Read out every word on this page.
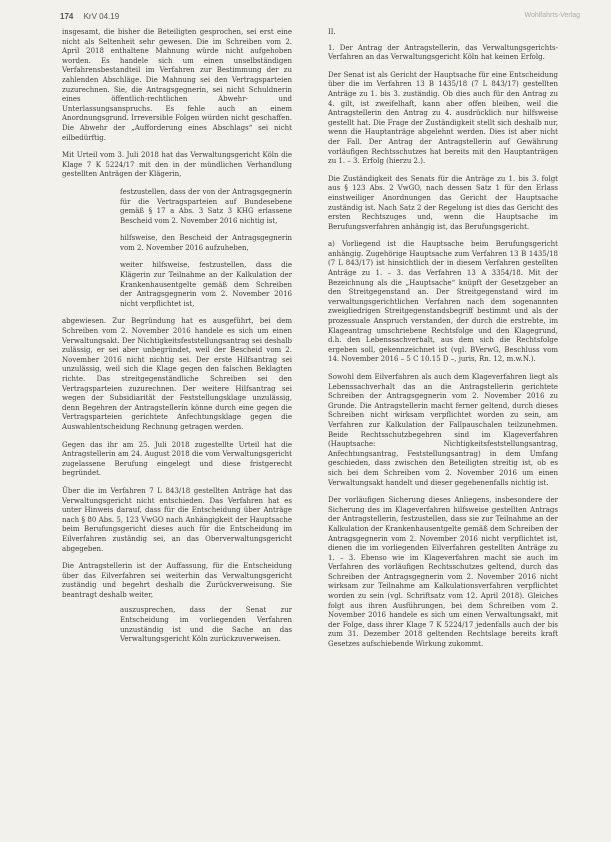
174 KrV 04.19	Wohlfahrts-Verlag

insgesamt, die bisher die Beteiligten gesprochen, sei erst eine nicht als Seltenheit sehr gewesen. Die im Schreiben vom 2. April 2018 enthaltene Mahnung würde nicht aufgehoben worden. Es handele sich um einen unselbständigen Verfahrensbestandteil im Verfahren zur Bestimmung der zu zahlenden Abschläge. Die Mahnung sei den Vertragsparteien zuzurechnen. Sie, die Antragsgegnerin, sei nicht Schuldnerin eines öffentlich-rechtlichen Abwehr- und Unterlassungsanspruchs. Es fehle auch an einem Anordnungsgrund. Irreversible Folgen würden nicht geschaffen. Die Abwehr der „Aufforderung eines Abschlags“ sei nicht eilbedürftig.

Mit Urteil vom 3. Juli 2018 hat das Verwaltungsgericht Köln die Klage 7 K 5224/17 mit den in der mündlichen Verhandlung gestellten Anträgen der Klägerin,

festzustellen, dass der von der Antragsgegnerin für die Vertragsparteien auf Bundesebene gemäß § 17 a Abs. 3 Satz 3 KHG erlassene Bescheid vom 2. November 2016 nichtig ist,

hilfsweise, den Bescheid der Antragsgegnerin vom 2. November 2016 aufzuheben,

weiter hilfsweise, festzustellen, dass die Klägerin zur Teilnahme an der Kalkulation der Krankenhausentgelte gemäß dem Schreiben der Antragsgegnerin vom 2. November 2016 nicht verpflichtet ist,

abgewiesen. Zur Begründung hat es ausgeführt, bei dem Schreiben vom 2. November 2016 handele es sich um einen Verwaltungsakt. Der Nichtigkeitsfeststellungsantrag sei deshalb zulässig, er sei aber unbegründet, weil der Bescheid vom 2. November 2016 nicht nichtig sei. Der erste Hilfsantrag sei unzulässig, weil sich die Klage gegen den falschen Beklagten richte. Das streitgegenständliche Schreiben sei den Vertragsparteien zuzurechnen. Der weitere Hilfsantrag sei wegen der Subsidiarität der Feststellungsklage unzulässig, denn Begehren der Antragstellerin könne durch eine gegen die Vertragsparteien gerichtete Anfechtungsklage gegen die Auswahlentscheidung Rechnung getragen werden.

Gegen das ihr am 25. Juli 2018 zugestellte Urteil hat die Antragstellerin am 24. August 2018 die vom Verwaltungsgericht zugelassene Berufung eingelegt und diese fristgerecht begründet.

Über die im Verfahren 7 L 843/18 gestellten Anträge hat das Verwaltungsgericht nicht entschieden. Das Verfahren hat es unter Hinweis darauf, dass für die Entscheidung über Anträge nach § 80 Abs. 5, 123 VwGO nach Anhängigkeit der Hauptsache beim Berufungsgericht dieses auch für die Entscheidung im Eilverfahren zuständig sei, an das Oberverwaltungsgericht abgegeben.

Die Antragstellerin ist der Auffassung, für die Entscheidung über das Eilverfahren sei weiterhin das Verwaltungsgericht zuständig und begehrt deshalb die Zurückverweisung. Sie beantragt deshalb weiter,

auszusprechen, dass der Senat zur Entscheidung im vorliegenden Verfahren unzuständig ist und die Sache an das Verwaltungsgericht Köln zurückzuverweisen.

II.

1. Der Antrag der Antragstellerin, das Verwaltungsgerichts-Verfahren an das Verwaltungsgericht Köln hat keinen Erfolg.

Der Senat ist als Gericht der Hauptsache für eine Entscheidung über die im Verfahren 13 B 1435/18 (7 L 843/17) gestellten Anträge zu 1. bis 3. zuständig. Ob dies auch für den Antrag zu 4. gilt, ist zweifelhaft, kann aber offen bleiben, weil die Antragstellerin den Antrag zu 4. ausdrücklich nur hilfsweise gestellt hat. Die Frage der Zuständigkeit stellt sich deshalb nur, wenn die Hauptanträge abgelehnt werden. Dies ist aber nicht der Fall. Der Antrag der Antragstellerin auf Gewährung vorläufigen Rechtsschutzes hat bereits mit den Hauptanträgen zu 1. – 3. Erfolg (hierzu 2.).

Die Zuständigkeit des Senats für die Anträge zu 1. bis 3. folgt aus § 123 Abs. 2 VwGO, nach dessen Satz 1 für den Erlass einstweiliger Anordnungen das Gericht der Hauptsache zuständig ist. Nach Satz 2 der Regelung ist dies das Gericht des ersten Rechtszuges und, wenn die Hauptsache im Berufungsverfahren anhängig ist, das Berufungsgericht.

a) Vorliegend ist die Hauptsache beim Berufungsgericht anhängig. Zugehörige Hauptsache zum Verfahren 13 B 1435/18 (7 L 843/17) ist hinsichtlich der in diesem Verfahren gestellten Anträge zu 1. – 3. das Verfahren 13 A 3354/18. Mit der Bezeichnung als die „Hauptsache“ knüpft der Gesetzgeber an den Streitgegenstand an. Der Streitgegenstand wird im verwaltungsgerichtlichen Verfahren nach dem sogenannten zweigliedrigen Streitgegenstandsbegriff bestimmt und als der prozessuale Anspruch verstanden, der durch die erstrebte, im Klageantrag umschriebene Rechtsfolge und den Klagegrund, d.h. den Lebenssachverhalt, aus dem sich die Rechtsfolge ergeben soll, gekennzeichnet ist (vgl. BVerwG, Beschluss vom 14. November 2016 – 5 C 10.15 D –, juris, Rn. 12, m.w.N.).

Sowohl dem Eilverfahren als auch dem Klageverfahren liegt als Lebenssachverhalt das an die Antragstellerin gerichtete Schreiben der Antragsgegnerin vom 2. November 2016 zu Grunde. Die Antragstellerin macht ferner geltend, durch dieses Schreiben nicht wirksam verpflichtet worden zu sein, am Verfahren zur Kalkulation der Fallpauschalen teilzunehmen. Beide Rechtsschutzbegehren sind im Klageverfahren (Hauptsache: Nichtigkeitsfeststellungsantrag, Anfechtungsantrag, Feststellungsantrag) in dem Umfang geschieden, dass zwischen den Beteiligten streitig ist, ob es sich bei dem Schreiben vom 2. November 2016 um einen Verwaltungsakt handelt und dieser gegebenenfalls nichtig ist.

Der vorläufigen Sicherung dieses Anliegens, insbesondere der Sicherung des im Klageverfahren hilfsweise gestellten Antrags der Antragstellerin, festzustellen, dass sie zur Teilnahme an der Kalkulation der Krankenhausentgelte gemäß dem Schreiben der Antragsgegnerin vom 2. November 2016 nicht verpflichtet ist, dienen die im vorliegenden Eilverfahren gestellten Anträge zu 1. – 3. Ebenso wie im Klageverfahren macht sie auch im Verfahren des vorläufigen Rechtsschutzes geltend, durch das Schreiben der Antragsgegnerin vom 2. November 2016 nicht wirksam zur Teilnahme am Kalkulationsverfahren verpflichtet worden zu sein (vgl. Schriftsatz vom 12. April 2018). Gleiches folgt aus ihren Ausführungen, bei dem Schreiben vom 2. November 2016 handele es sich um einen Verwaltungsakt, mit der Folge, dass ihrer Klage 7 K 5224/17 jedenfalls auch der bis zum 31. Dezember 2018 geltenden Rechtslage bereits kraft Gesetzes aufschiebende Wirkung zukommt.
